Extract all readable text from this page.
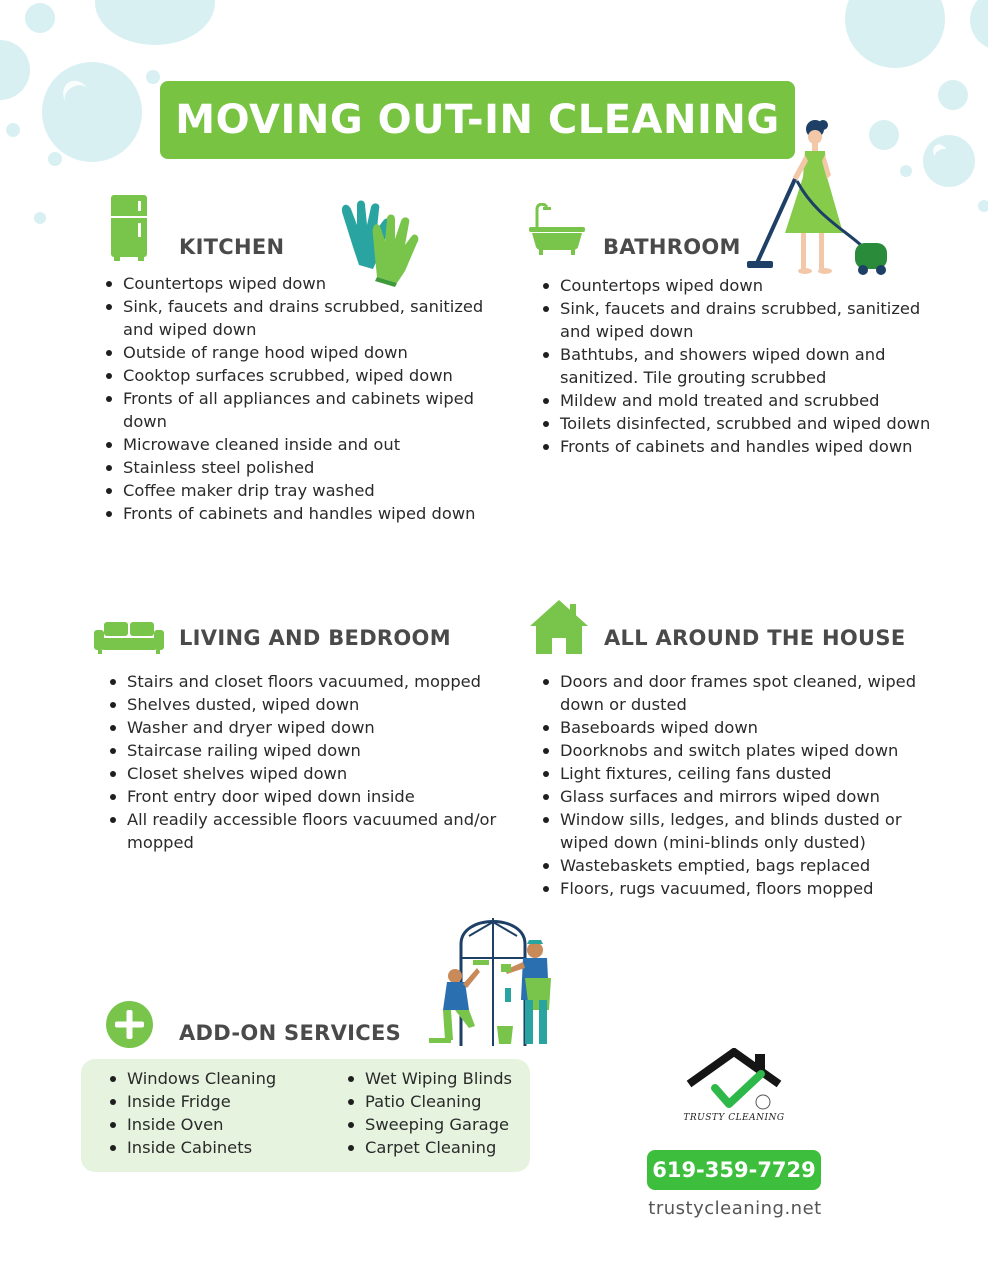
MOVING OUT-IN CLEANING
KITCHEN
Countertops wiped down
Sink, faucets and drains scrubbed, sanitized and wiped down
Outside of range hood wiped down
Cooktop surfaces scrubbed, wiped down
Fronts of all appliances and cabinets wiped down
Microwave cleaned inside and out
Stainless steel polished
Coffee maker drip tray washed
Fronts of cabinets and handles wiped down
BATHROOM
Countertops wiped down
Sink, faucets and drains scrubbed, sanitized and wiped down
Bathtubs, and showers wiped down and sanitized. Tile grouting scrubbed
Mildew and mold treated and scrubbed
Toilets disinfected, scrubbed and wiped down
Fronts of cabinets and handles wiped down
LIVING AND BEDROOM
Stairs and closet floors vacuumed, mopped
Shelves dusted, wiped down
Washer and dryer wiped down
Staircase railing wiped down
Closet shelves wiped down
Front entry door wiped down inside
All readily accessible floors vacuumed and/or mopped
ALL AROUND THE HOUSE
Doors and door frames spot cleaned, wiped down or dusted
Baseboards wiped down
Doorknobs and switch plates wiped down
Light fixtures, ceiling fans dusted
Glass surfaces and mirrors wiped down
Window sills, ledges, and blinds dusted or wiped down (mini-blinds only dusted)
Wastebaskets emptied, bags replaced
Floors, rugs vacuumed, floors mopped
ADD-ON SERVICES
Windows Cleaning
Inside Fridge
Inside Oven
Inside Cabinets
Wet Wiping Blinds
Patio Cleaning
Sweeping Garage
Carpet Cleaning
TRUSTY CLEANING
619-359-7729
trustycleaning.net
